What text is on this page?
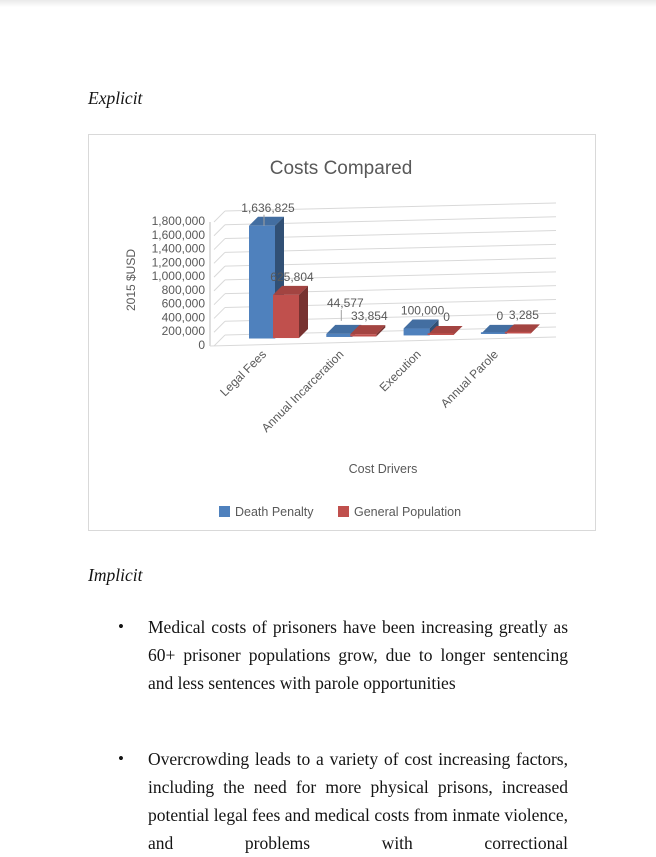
Explicit
0
200,000
400,000
600,000
800,000
1,000,000
1,200,000
1,400,000
1,600,000
1,800,000
1,636,825
625,804
44,577
33,854 100,000
0	0 3,285
Legal Fees
Annual Incarceration	Execution Annual Parole
Costs Compared
Cost Drivers
2015 $USD
Death Penalty	General Population
Implicit
•	Medical costs of prisoners have been increasing greatly as 60+ prisoner populations grow, due to longer sentencing and less sentences with parole opportunities
•	Overcrowding leads to a variety of cost increasing factors, including the need for more physical prisons, increased potential legal fees and medical costs from inmate violence, and problems with correctional
